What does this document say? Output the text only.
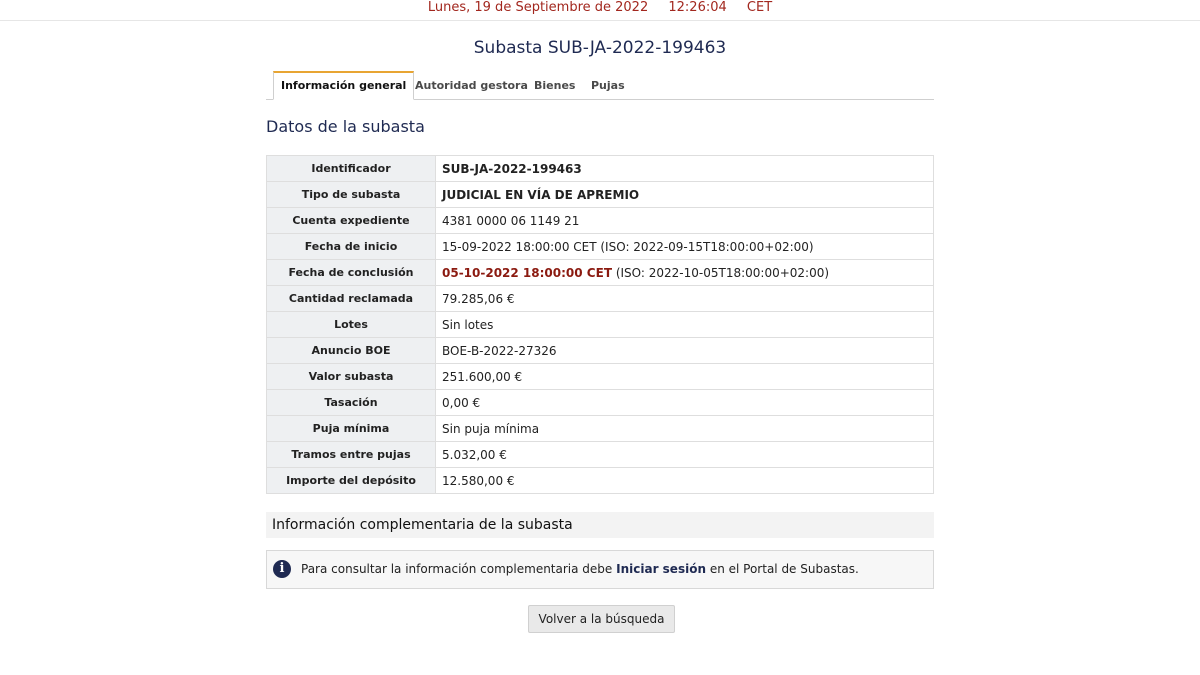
Lunes, 19 de Septiembre de 2022 12:26:04 CET
Subasta SUB-JA-2022-199463
Información general Autoridad gestora Bienes Pujas
Datos de la subasta
Identificador	SUB-JA-2022-199463
Tipo de subasta	JUDICIAL EN VÍA DE APREMIO
Cuenta expediente	4381 0000 06 1149 21
Fecha de inicio	15-09-2022 18:00:00 CET (ISO: 2022-09-15T18:00:00+02:00)
Fecha de conclusión	05-10-2022 18:00:00 CET (ISO: 2022-10-05T18:00:00+02:00)
Cantidad reclamada	79.285,06 €
Lotes	Sin lotes
Anuncio BOE	BOE-B-2022-27326
Valor subasta	251.600,00 €
Tasación	0,00 €
Puja mínima	Sin puja mínima
Tramos entre pujas	5.032,00 €
Importe del depósito	12.580,00 €
Información complementaria de la subasta
i	Para consultar la información complementaria debe Iniciar sesión en el Portal de Subastas.
Volver a la búsqueda
